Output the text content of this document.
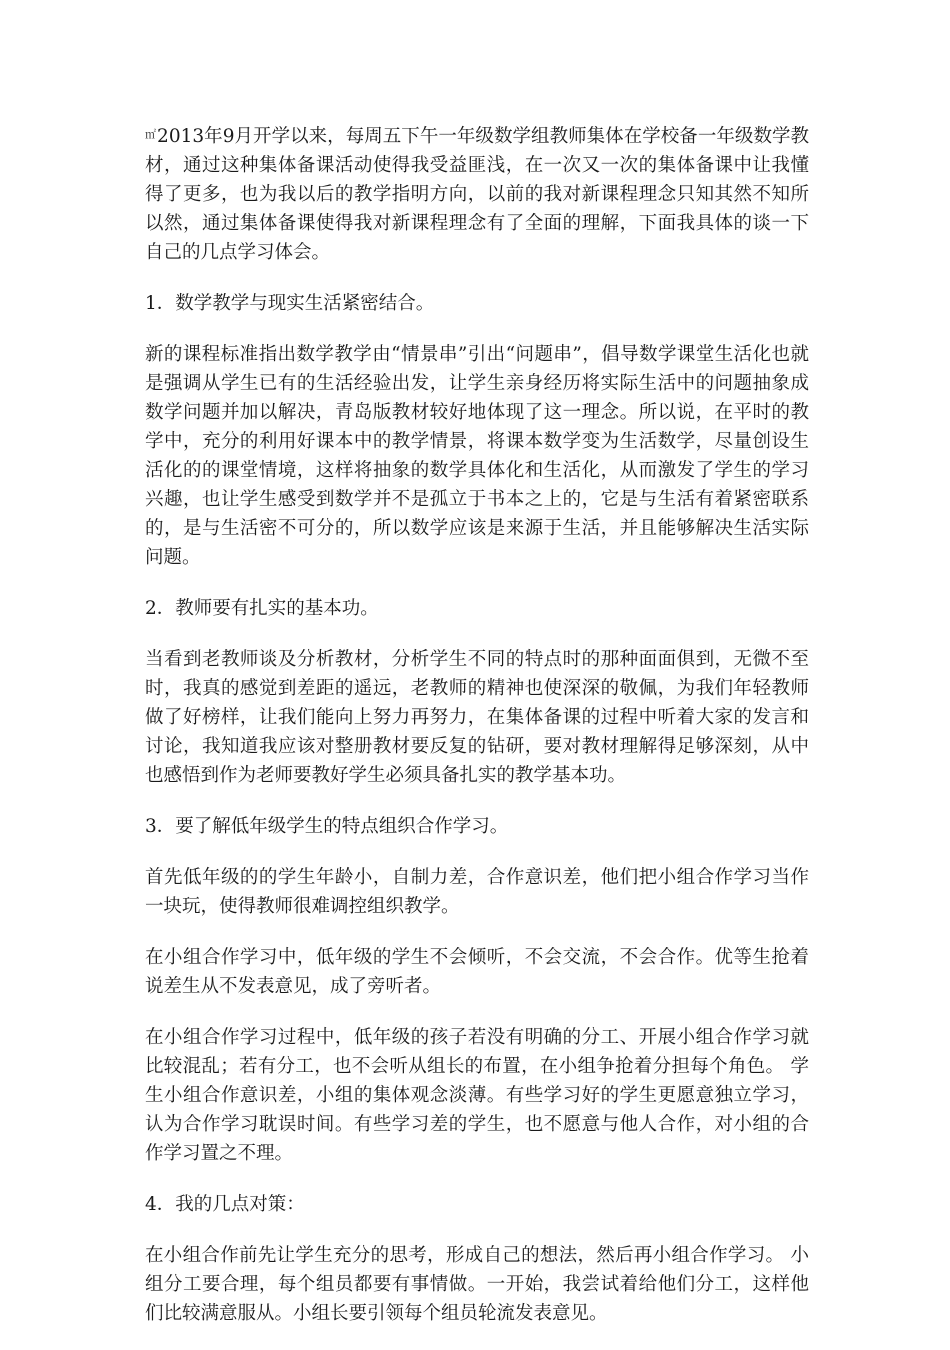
㎡2013年9月开学以来，每周五下午一年级数学组教师集体在学校备一年级数学教材，通过这种集体备课活动使得我受益匪浅，在一次又一次的集体备课中让我懂得了更多，也为我以后的教学指明方向，以前的我对新课程理念只知其然不知所以然，通过集体备课使得我对新课程理念有了全面的理解，下面我具体的谈一下自己的几点学习体会。

1．数学教学与现实生活紧密结合。

新的课程标准指出数学教学由“情景串”引出“问题串”，倡导数学课堂生活化也就是强调从学生已有的生活经验出发，让学生亲身经历将实际生活中的问题抽象成数学问题并加以解决，青岛版教材较好地体现了这一理念。所以说，在平时的教学中，充分的利用好课本中的教学情景，将课本数学变为生活数学，尽量创设生活化的的课堂情境，这样将抽象的数学具体化和生活化，从而激发了学生的学习兴趣，也让学生感受到数学并不是孤立于书本之上的，它是与生活有着紧密联系的，是与生活密不可分的，所以数学应该是来源于生活，并且能够解决生活实际问题。

2．教师要有扎实的基本功。

当看到老教师谈及分析教材，分析学生不同的特点时的那种面面俱到，无微不至时，我真的感觉到差距的遥远，老教师的精神也使深深的敬佩，为我们年轻教师做了好榜样，让我们能向上努力再努力，在集体备课的过程中听着大家的发言和讨论，我知道我应该对整册教材要反复的钻研，要对教材理解得足够深刻，从中也感悟到作为老师要教好学生必须具备扎实的教学基本功。

3．要了解低年级学生的特点组织合作学习。

首先低年级的的学生年龄小，自制力差，合作意识差，他们把小组合作学习当作一块玩，使得教师很难调控组织教学。

在小组合作学习中，低年级的学生不会倾听，不会交流，不会合作。优等生抢着说差生从不发表意见，成了旁听者。

在小组合作学习过程中，低年级的孩子若没有明确的分工、开展小组合作学习就比较混乱；若有分工，也不会听从组长的布置，在小组争抢着分担每个角色。 学生小组合作意识差，小组的集体观念淡薄。有些学习好的学生更愿意独立学习，认为合作学习耽误时间。有些学习差的学生，也不愿意与他人合作，对小组的合作学习置之不理。

4．我的几点对策：

在小组合作前先让学生充分的思考，形成自己的想法，然后再小组合作学习。 小组分工要合理，每个组员都要有事情做。一开始，我尝试着给他们分工，这样他们比较满意服从。小组长要引领每个组员轮流发表意见。
